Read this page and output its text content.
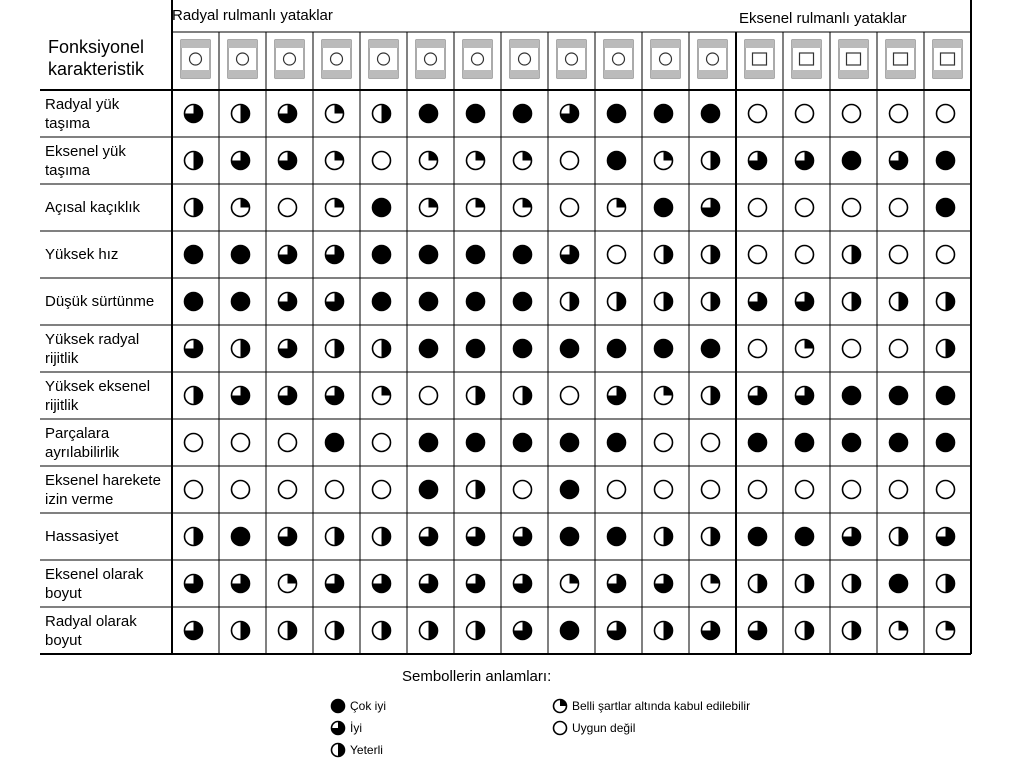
Radyal rulmanlı yataklar	Eksenel rulmanlı yataklar
Fonksiyonel
karakteristik
Radyal yük
taşıma
Eksenel yük
taşıma
Açısal kaçıklık
Yüksek hız
Düşük sürtünme
Yüksek radyal
rijitlik
Yüksek eksenel
rijitlik
Parçalara
ayrılabilirlik
Eksenel harekete
izin verme
Hassasiyet
Eksenel olarak
boyut
Radyal olarak
boyut
Sembollerin anlamları:
Çok iyi
İyi
Yeterli
Belli şartlar altında kabul edilebilir
Uygun değil
